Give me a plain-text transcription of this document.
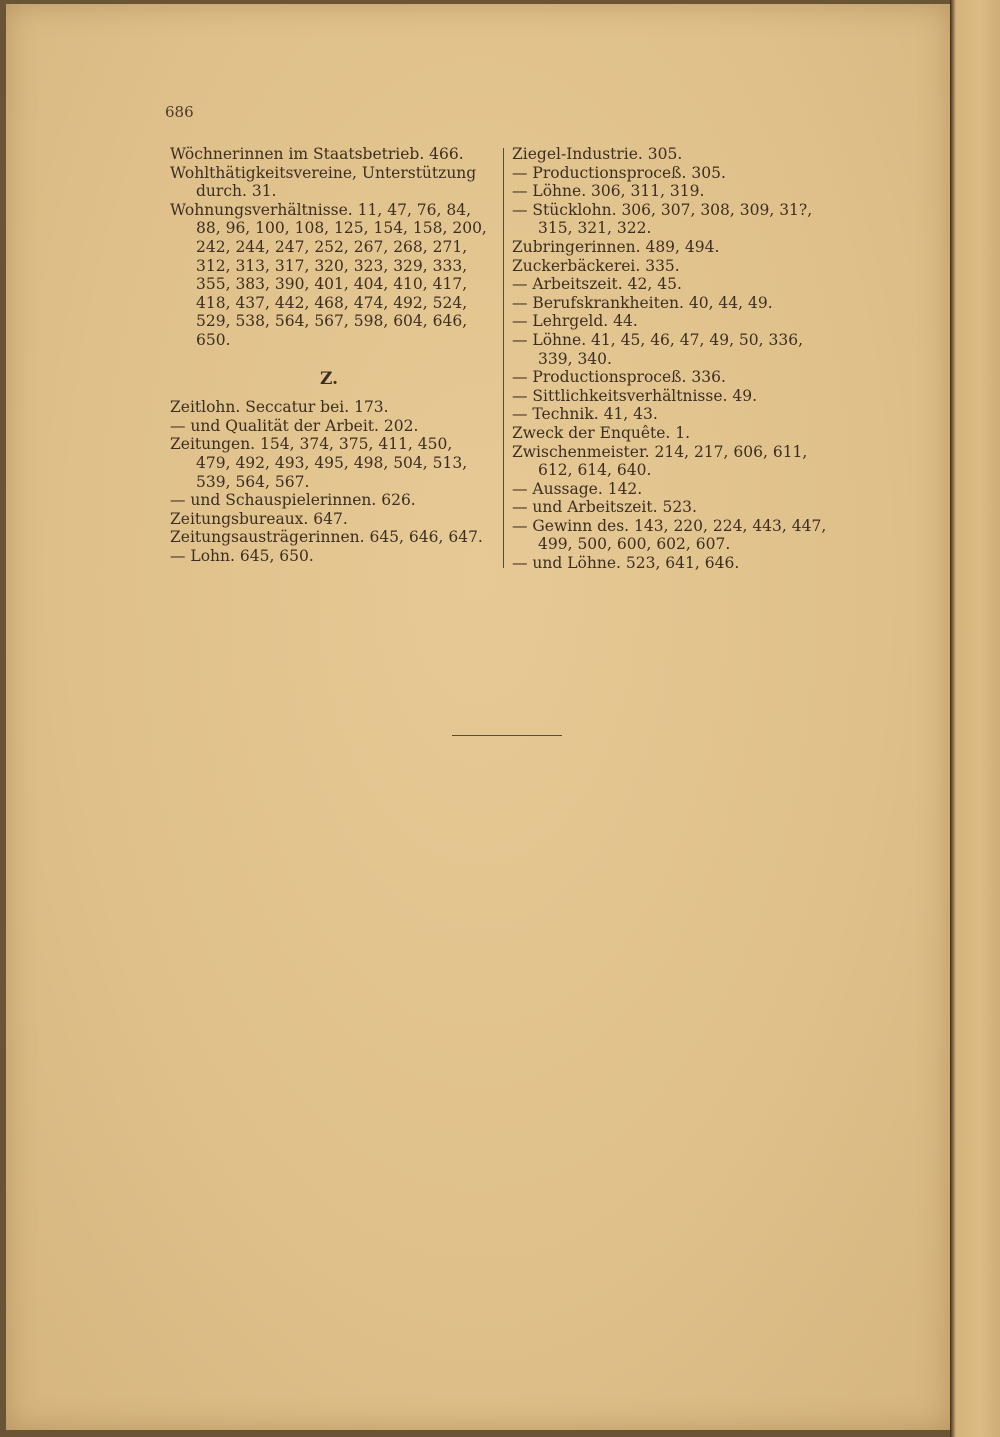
686
Wöchnerinnen im Staatsbetrieb. 466.
Wohlthätigkeitsvereine, Unterstützung durch. 31.
Wohnungsverhältnisse. 11, 47, 76, 84, 88, 96, 100, 108, 125, 154, 158, 200, 242, 244, 247, 252, 267, 268, 271, 312, 313, 317, 320, 323, 329, 333, 355, 383, 390, 401, 404, 410, 417, 418, 437, 442, 468, 474, 492, 524, 529, 538, 564, 567, 598, 604, 646, 650.
Z.
Zeitlohn. Seccatur bei. 173.
— und Qualität der Arbeit. 202.
Zeitungen. 154, 374, 375, 411, 450, 479, 492, 493, 495, 498, 504, 513, 539, 564, 567.
— und Schauspielerinnen. 626.
Zeitungsbureaux. 647.
Zeitungsausträgerinnen. 645, 646, 647.
— Lohn. 645, 650.
Ziegel-Industrie. 305.
— Productionsproceß. 305.
— Löhne. 306, 311, 319.
— Stücklohn. 306, 307, 308, 309, 31?, 315, 321, 322.
Zubringerinnen. 489, 494.
Zuckerbäckerei. 335.
— Arbeitszeit. 42, 45.
— Berufskrankheiten. 40, 44, 49.
— Lehrgeld. 44.
— Löhne. 41, 45, 46, 47, 49, 50, 336, 339, 340.
— Productionsproceß. 336.
— Sittlichkeitsverhältnisse. 49.
— Technik. 41, 43.
Zweck der Enquête. 1.
Zwischenmeister. 214, 217, 606, 611, 612, 614, 640.
— Aussage. 142.
— und Arbeitszeit. 523.
— Gewinn des. 143, 220, 224, 443, 447, 499, 500, 600, 602, 607.
— und Löhne. 523, 641, 646.
